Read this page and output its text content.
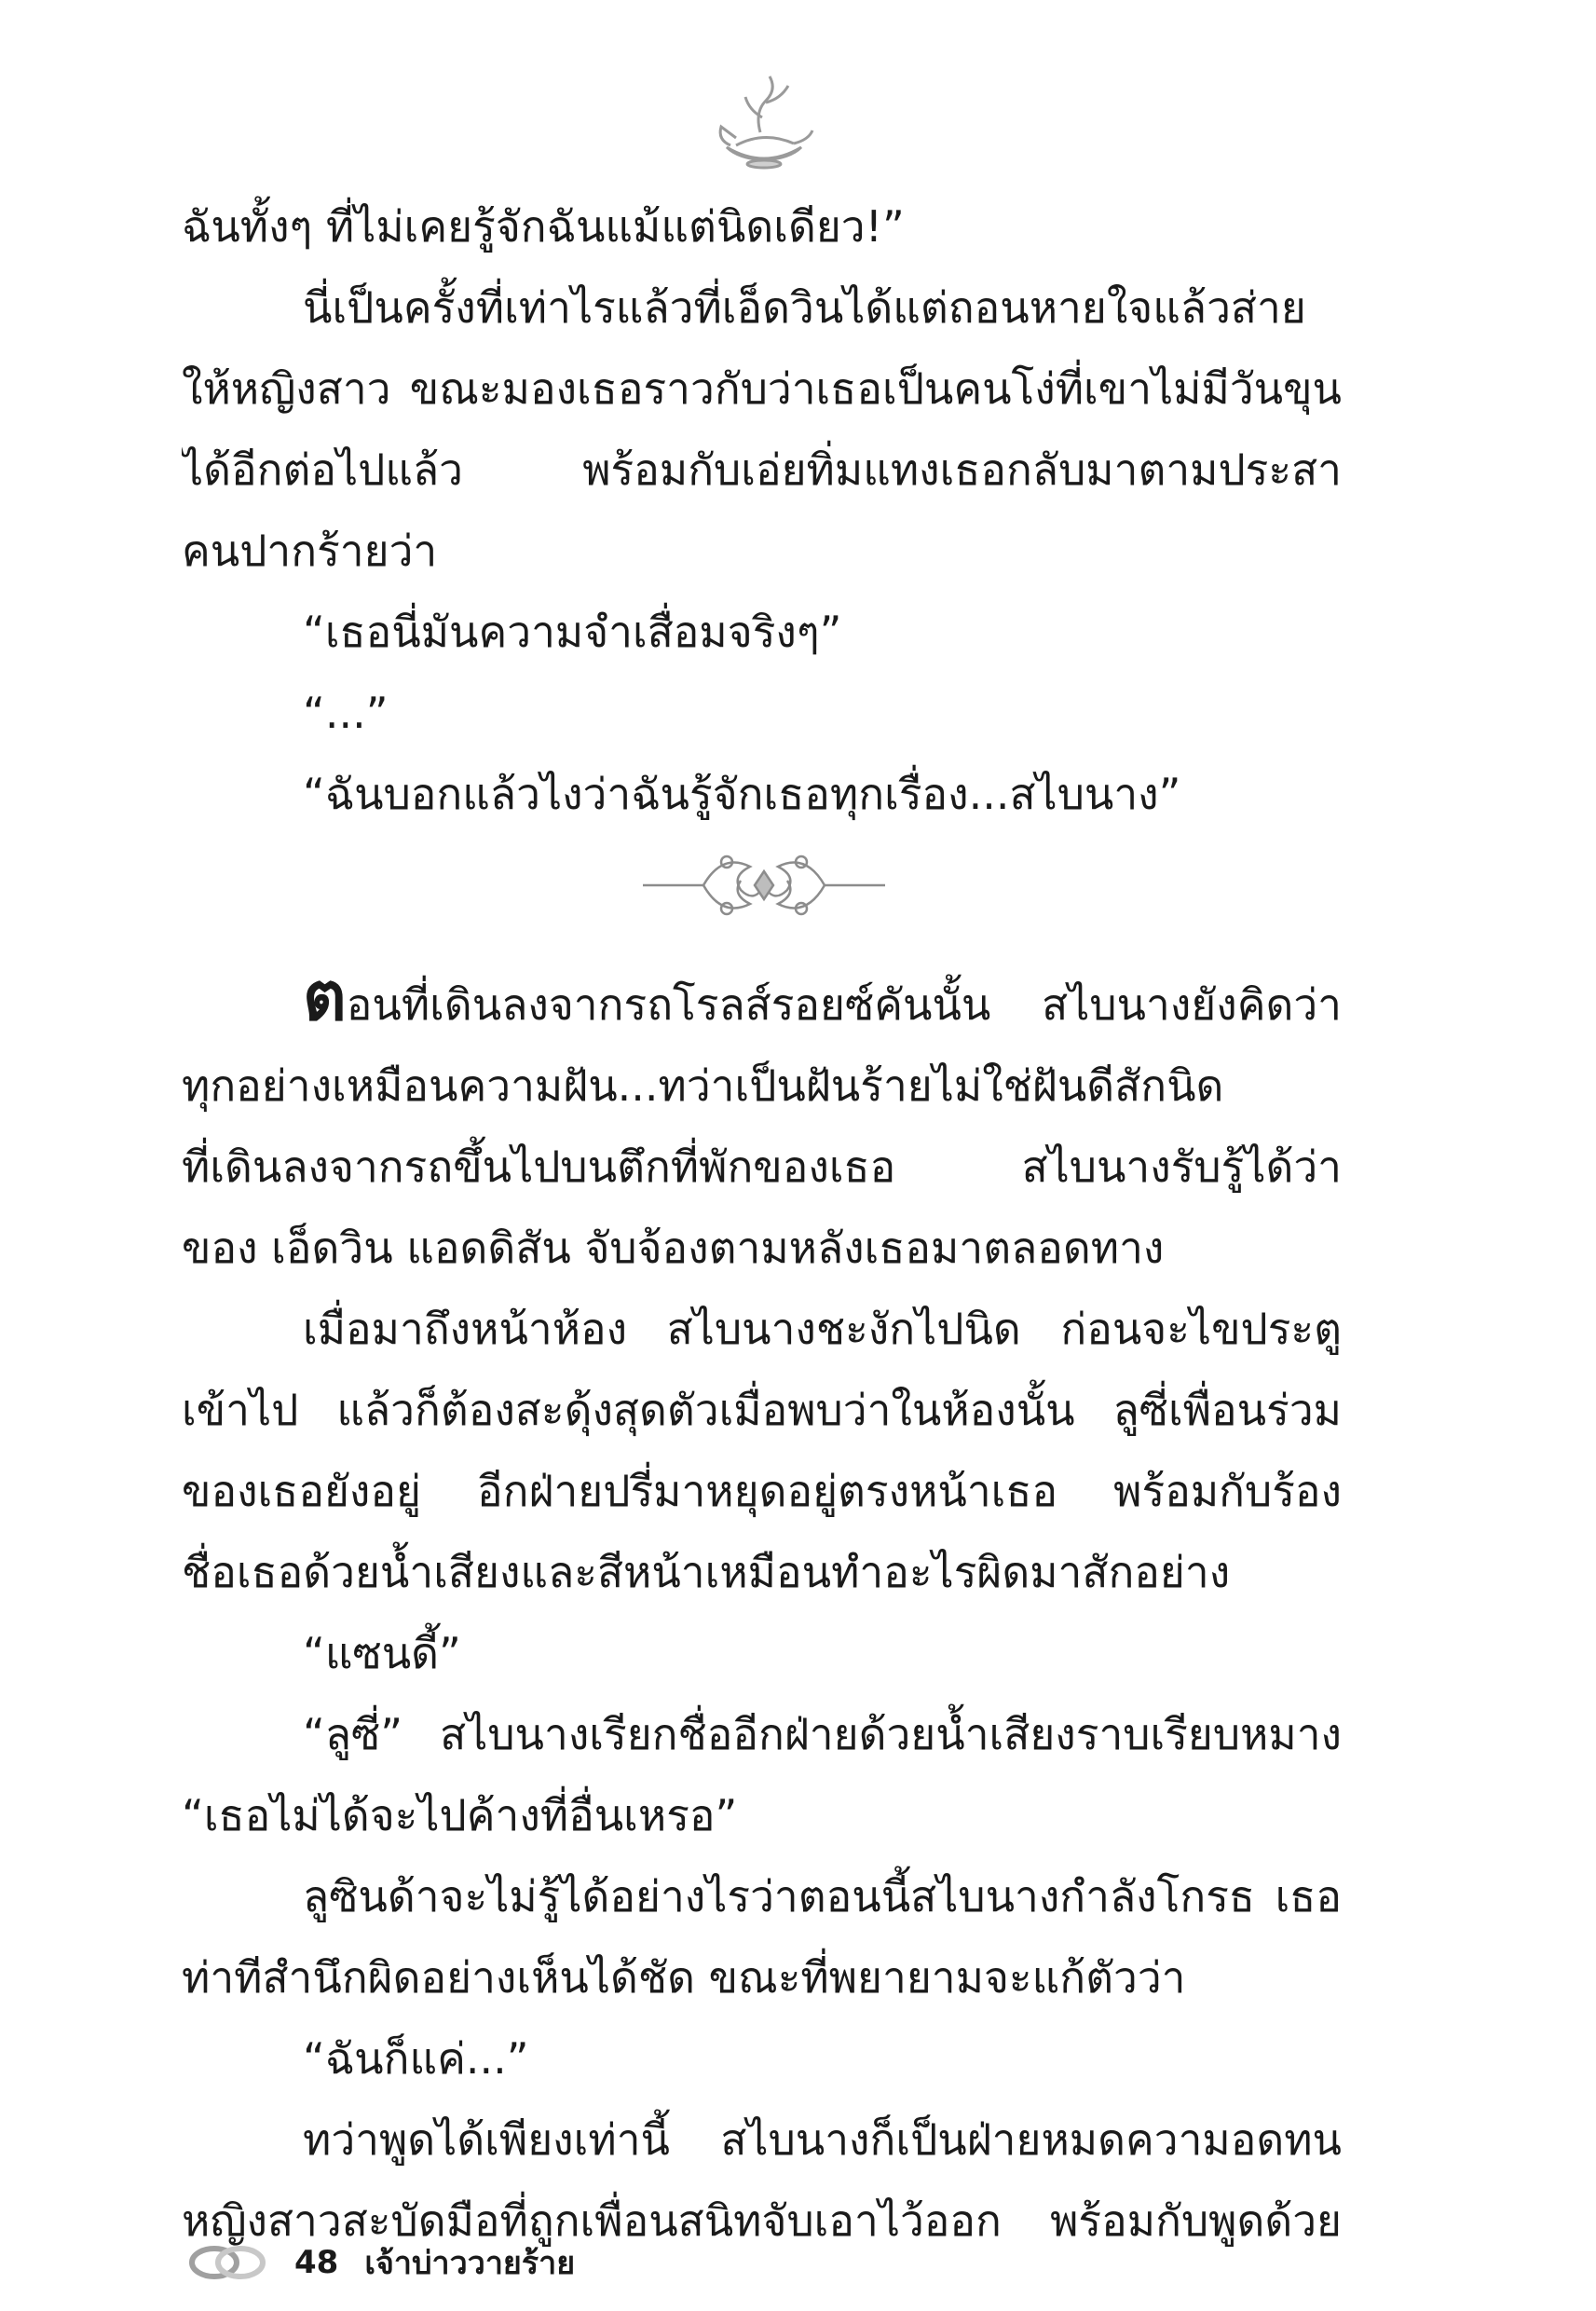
ฉันทั้งๆ ที่ไม่เคยรู้จักฉันแม้แต่นิดเดียว!”
นี่เป็นครั้งที่เท่าไรแล้วที่เอ็ดวินได้แต่ถอนหายใจแล้วส่าย
ให้หญิงสาว ขณะมองเธอราวกับว่าเธอเป็นคนโง่ที่เขาไม่มีวันขุน
ได้อีกต่อไปแล้ว พร้อมกับเอ่ยทิ่มแทงเธอกลับมาตามประสา
คนปากร้ายว่า
“เธอนี่มันความจำเสื่อมจริงๆ”
“...”
“ฉันบอกแล้วไงว่าฉันรู้จักเธอทุกเรื่อง...สไบนาง”
ตอนที่เดินลงจากรถโรลส์รอยซ์คันนั้น สไบนางยังคิดว่า
ทุกอย่างเหมือนความฝัน...ทว่าเป็นฝันร้ายไม่ใช่ฝันดีสักนิด
ที่เดินลงจากรถขึ้นไปบนตึกที่พักของเธอ สไบนางรับรู้ได้ว่า
ของ เอ็ดวิน แอดดิสัน จับจ้องตามหลังเธอมาตลอดทาง
เมื่อมาถึงหน้าห้อง สไบนางชะงักไปนิด ก่อนจะไขประตู
เข้าไป แล้วก็ต้องสะดุ้งสุดตัวเมื่อพบว่าในห้องนั้น ลูซี่เพื่อนร่วม
ของเธอยังอยู่ อีกฝ่ายปรี่มาหยุดอยู่ตรงหน้าเธอ พร้อมกับร้อง
ชื่อเธอด้วยน้ำเสียงและสีหน้าเหมือนทำอะไรผิดมาสักอย่าง
“แซนดี้”
“ลูซี่” สไบนางเรียกชื่ออีกฝ่ายด้วยน้ำเสียงราบเรียบหมาง
“เธอไม่ได้จะไปค้างที่อื่นเหรอ”
ลูซินด้าจะไม่รู้ได้อย่างไรว่าตอนนี้สไบนางกำลังโกรธ เธอ
ท่าทีสำนึกผิดอย่างเห็นได้ชัด ขณะที่พยายามจะแก้ตัวว่า
“ฉันก็แค่...”
ทว่าพูดได้เพียงเท่านี้ สไบนางก็เป็นฝ่ายหมดความอดทน
หญิงสาวสะบัดมือที่ถูกเพื่อนสนิทจับเอาไว้ออก พร้อมกับพูดด้วย
48 เจ้าบ่าววายร้าย
